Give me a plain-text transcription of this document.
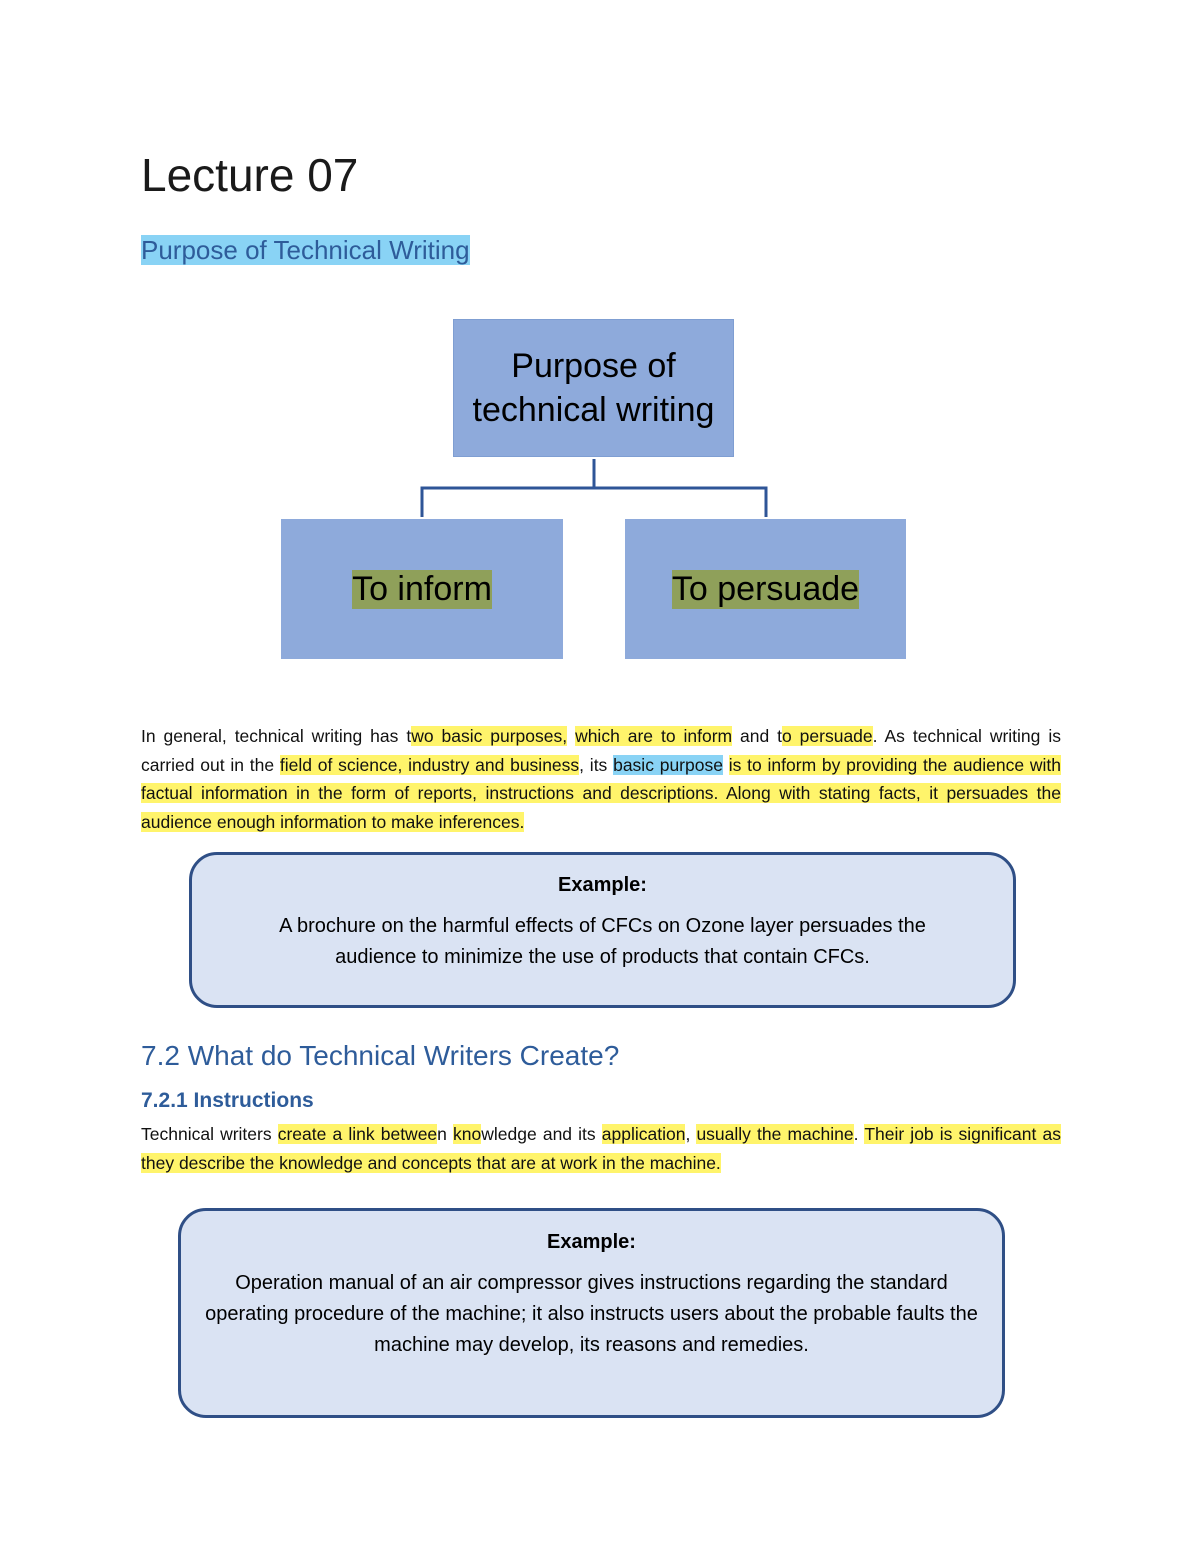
Lecture 07
Purpose of Technical Writing
Purpose of technical writing
To inform	To persuade
In general, technical writing has two basic purposes, which are to inform and to persuade. As technical writing is carried out in the field of science, industry and business, its basic purpose is to inform by providing the audience with factual information in the form of reports, instructions and descriptions. Along with stating facts, it persuades the audience enough information to make inferences.
Example:
A brochure on the harmful effects of CFCs on Ozone layer persuades the audience to minimize the use of products that contain CFCs.
7.2 What do Technical Writers Create?
7.2.1 Instructions
Technical writers create a link between knowledge and its application, usually the machine. Their job is significant as they describe the knowledge and concepts that are at work in the machine.
Example:
Operation manual of an air compressor gives instructions regarding the standard operating procedure of the machine; it also instructs users about the probable faults the machine may develop, its reasons and remedies.
